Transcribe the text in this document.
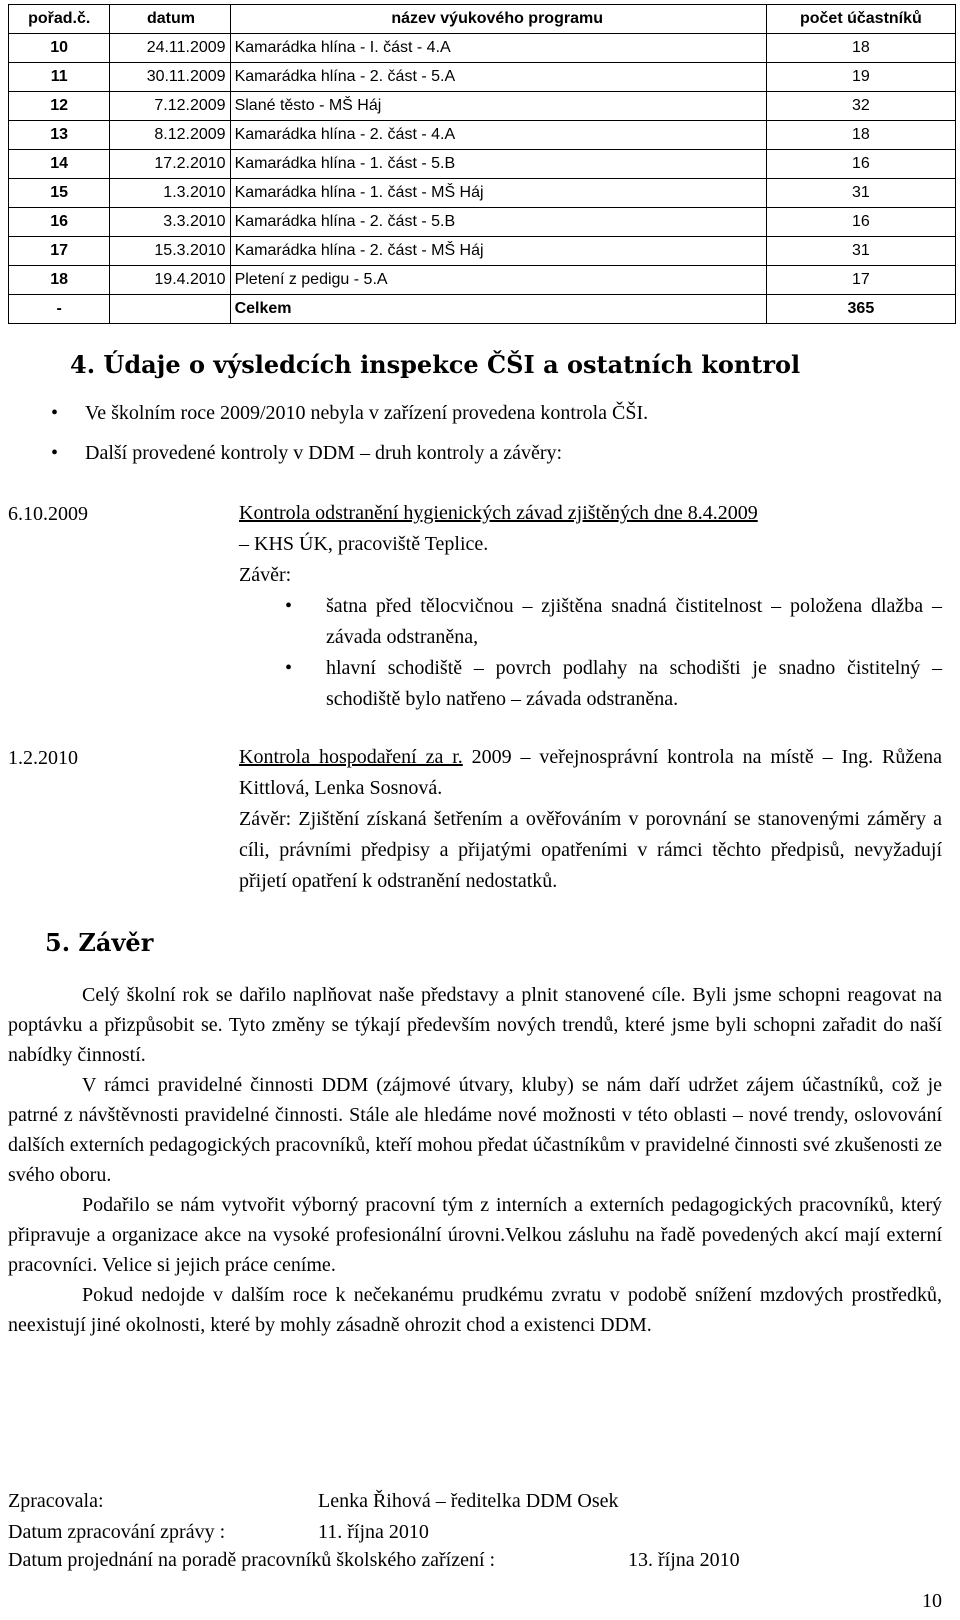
pořad.č.	datum	název výukového programu	počet účastníků
10	24.11.2009	Kamarádka hlína - I. část - 4.A	18
11	30.11.2009	Kamarádka hlína - 2. část - 5.A	19
12	7.12.2009	Slané těsto - MŠ Háj	32
13	8.12.2009	Kamarádka hlína - 2. část - 4.A	18
14	17.2.2010	Kamarádka hlína - 1. část - 5.B	16
15	1.3.2010	Kamarádka hlína - 1. část - MŠ Háj	31
16	3.3.2010	Kamarádka hlína - 2. část - 5.B	16
17	15.3.2010	Kamarádka hlína - 2. část - MŠ Háj	31
18	19.4.2010	Pletení z pedigu - 5.A	17
-		Celkem	365
4. Údaje o výsledcích inspekce ČŠI a ostatních kontrol
• Ve školním roce 2009/2010 nebyla v zařízení provedena kontrola ČŠI.
• Další provedené kontroly v DDM – druh kontroly a závěry:
6.10.2009	Kontrola odstranění hygienických závad zjištěných dne 8.4.2009

– KHS ÚK, pracoviště Teplice.

Závěr:

• šatna před tělocvičnou – zjištěna snadná čistitelnost – položena dlažba – závada odstraněna,
• hlavní schodiště – povrch podlahy na schodišti je snadno čistitelný – schodiště bylo natřeno – závada odstraněna.
1.2.2010	Kontrola hospodaření za r. 2009 – veřejnosprávní kontrola na místě – Ing. Růžena Kittlová, Lenka Sosnová.

Závěr: Zjištění získaná šetřením a ověřováním v porovnání se stanovenými záměry a cíli, právními předpisy a přijatými opatřeními v rámci těchto předpisů, nevyžadují přijetí opatření k odstranění nedostatků.

5. Závěr

Celý školní rok se dařilo naplňovat naše představy a plnit stanovené cíle. Byli jsme schopni reagovat na poptávku a přizpůsobit se. Tyto změny se týkají především nových trendů, které jsme byli schopni zařadit do naší nabídky činností.

V rámci pravidelné činnosti DDM (zájmové útvary, kluby) se nám daří udržet zájem účastníků, což je patrné z návštěvnosti pravidelné činnosti. Stále ale hledáme nové možnosti v této oblasti – nové trendy, oslovování dalších externích pedagogických pracovníků, kteří mohou předat účastníkům v pravidelné činnosti své zkušenosti ze svého oboru.

Podařilo se nám vytvořit výborný pracovní tým z interních a externích pedagogických pracovníků, který připravuje a organizace akce na vysoké profesionální úrovni.Velkou zásluhu na řadě povedených akcí mají externí pracovníci. Velice si jejich práce ceníme.

Pokud nedojde v dalším roce k nečekanému prudkému zvratu v podobě snížení mzdových prostředků, neexistují jiné okolnosti, které by mohly zásadně ohrozit chod a existenci DDM.

Zpracovala:	Lenka Řihová – ředitelka DDM Osek
Datum zpracování zprávy :	11. října 2010
Datum projednání na poradě pracovníků školského zařízení :	13. října 2010
10
